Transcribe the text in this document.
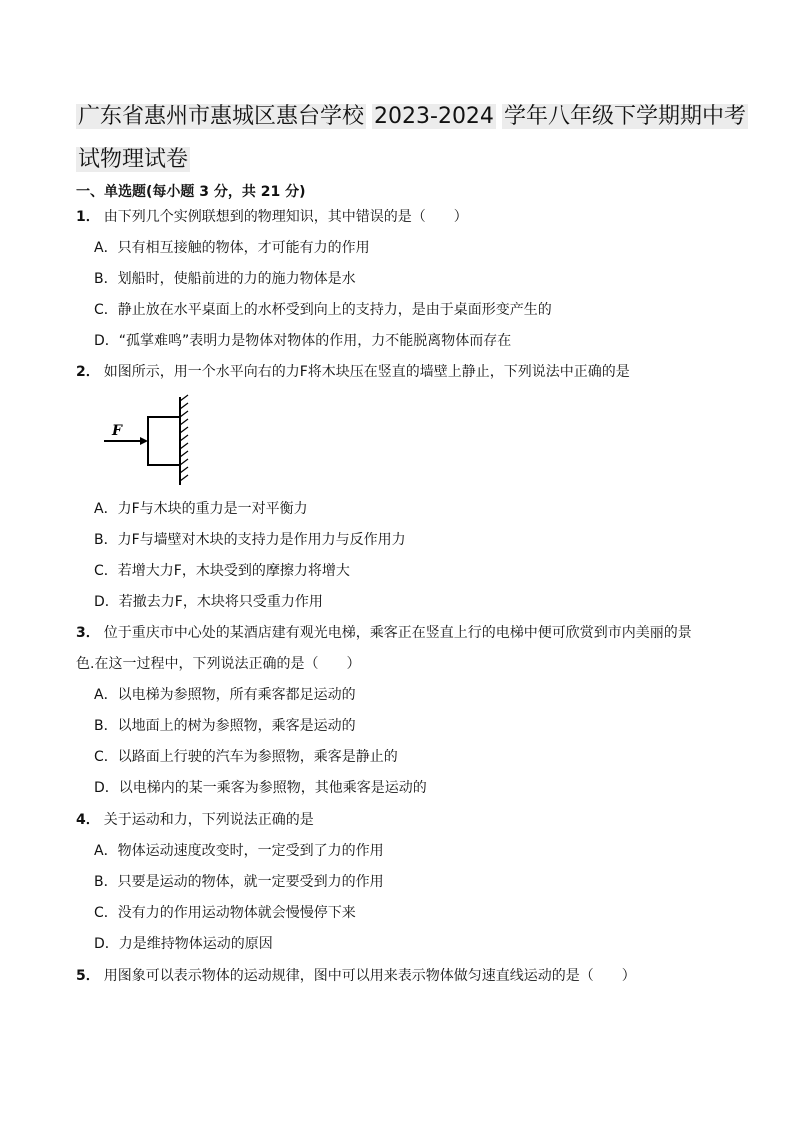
广东省惠州市惠城区惠台学校 2023-2024 学年八年级下学期期中考
试物理试卷
一、单选题(每小题 3 分，共 21 分)
1． 由下列几个实例联想到的物理知识，其中错误的是（　　）
A．只有相互接触的物体，才可能有力的作用
B．划船时，使船前进的力的施力物体是水
C．静止放在水平桌面上的水杯受到向上的支持力，是由于桌面形变产生的
D．“孤掌难鸣”表明力是物体对物体的作用，力不能脱离物体而存在
2． 如图所示，用一个水平向右的力F将木块压在竖直的墙壁上静止，下列说法中正确的是
F
A．力F与木块的重力是一对平衡力
B．力F与墙壁对木块的支持力是作用力与反作用力
C．若增大力F，木块受到的摩擦力将增大
D．若撤去力F，木块将只受重力作用
3． 位于重庆市中心处的某酒店建有观光电梯，乘客正在竖直上行的电梯中便可欣赏到市内美丽的景
色.在这一过程中，下列说法正确的是（　　）
A．以电梯为参照物，所有乘客都足运动的
B．以地面上的树为参照物，乘客是运动的
C．以路面上行驶的汽车为参照物，乘客是静止的
D．以电梯内的某一乘客为参照物，其他乘客是运动的
4． 关于运动和力，下列说法正确的是
A．物体运动速度改变时，一定受到了力的作用
B．只要是运动的物体，就一定要受到力的作用
C．没有力的作用运动物体就会慢慢停下来
D．力是维持物体运动的原因
5． 用图象可以表示物体的运动规律，图中可以用来表示物体做匀速直线运动的是（　　）
